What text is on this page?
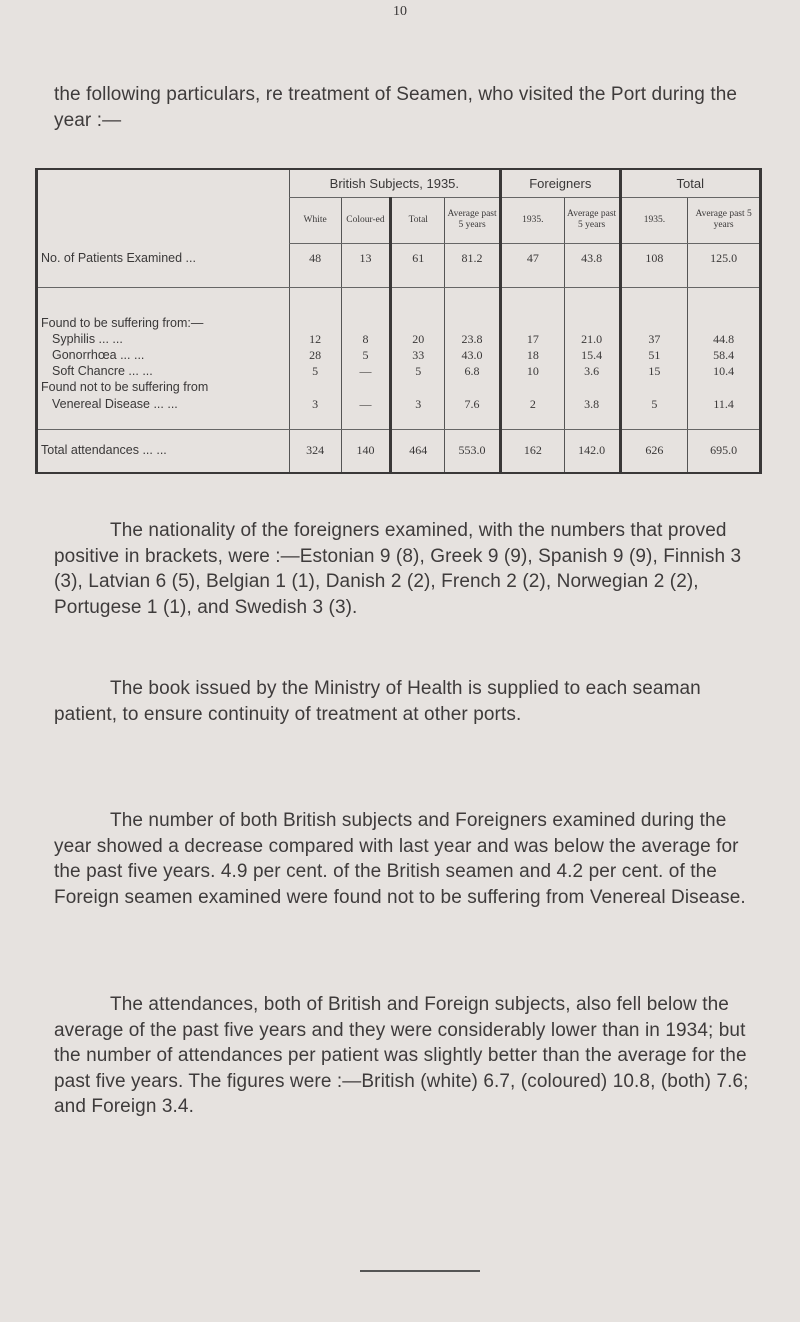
10

the following particulars, re treatment of Seamen, who visited the Port during the year :—

	British Subjects, 1935.				Foreigners		Total	
	White	Colour-ed	Total	Average past 5 years	1935.	Average past 5 years	1935.	Average past 5 years
No. of Patients Examined ...	48	13	61	81.2	47	43.8	108	125.0

Found to be suffering from:—								
Syphilis ... ...	12	8	20	23.8	17	21.0	37	44.8
Gonorrhœa ... ...	28	5	33	43.0	18	15.4	51	58.4
Soft Chancre ... ...	5	—	5	6.8	10	3.6	15	10.4
Found not to be suffering from								
Venereal Disease ... ...	3	—	3	7.6	2	3.8	5	11.4

Total attendances ... ...	324	140	464	553.0	162	142.0	626	695.0

The nationality of the foreigners examined, with the numbers that proved positive in brackets, were :—Estonian 9 (8), Greek 9 (9), Spanish 9 (9), Finnish 3 (3), Latvian 6 (5), Belgian 1 (1), Danish 2 (2), French 2 (2), Norwegian 2 (2), Portugese 1 (1), and Swedish 3 (3).

The book issued by the Ministry of Health is supplied to each seaman patient, to ensure continuity of treatment at other ports.

The number of both British subjects and Foreigners examined during the year showed a decrease compared with last year and was below the average for the past five years. 4.9 per cent. of the British seamen and 4.2 per cent. of the Foreign seamen examined were found not to be suffering from Venereal Disease.

The attendances, both of British and Foreign subjects, also fell below the average of the past five years and they were considerably lower than in 1934; but the number of attendances per patient was slightly better than the average for the past five years. The figures were :—British (white) 6.7, (coloured) 10.8, (both) 7.6; and Foreign 3.4.
